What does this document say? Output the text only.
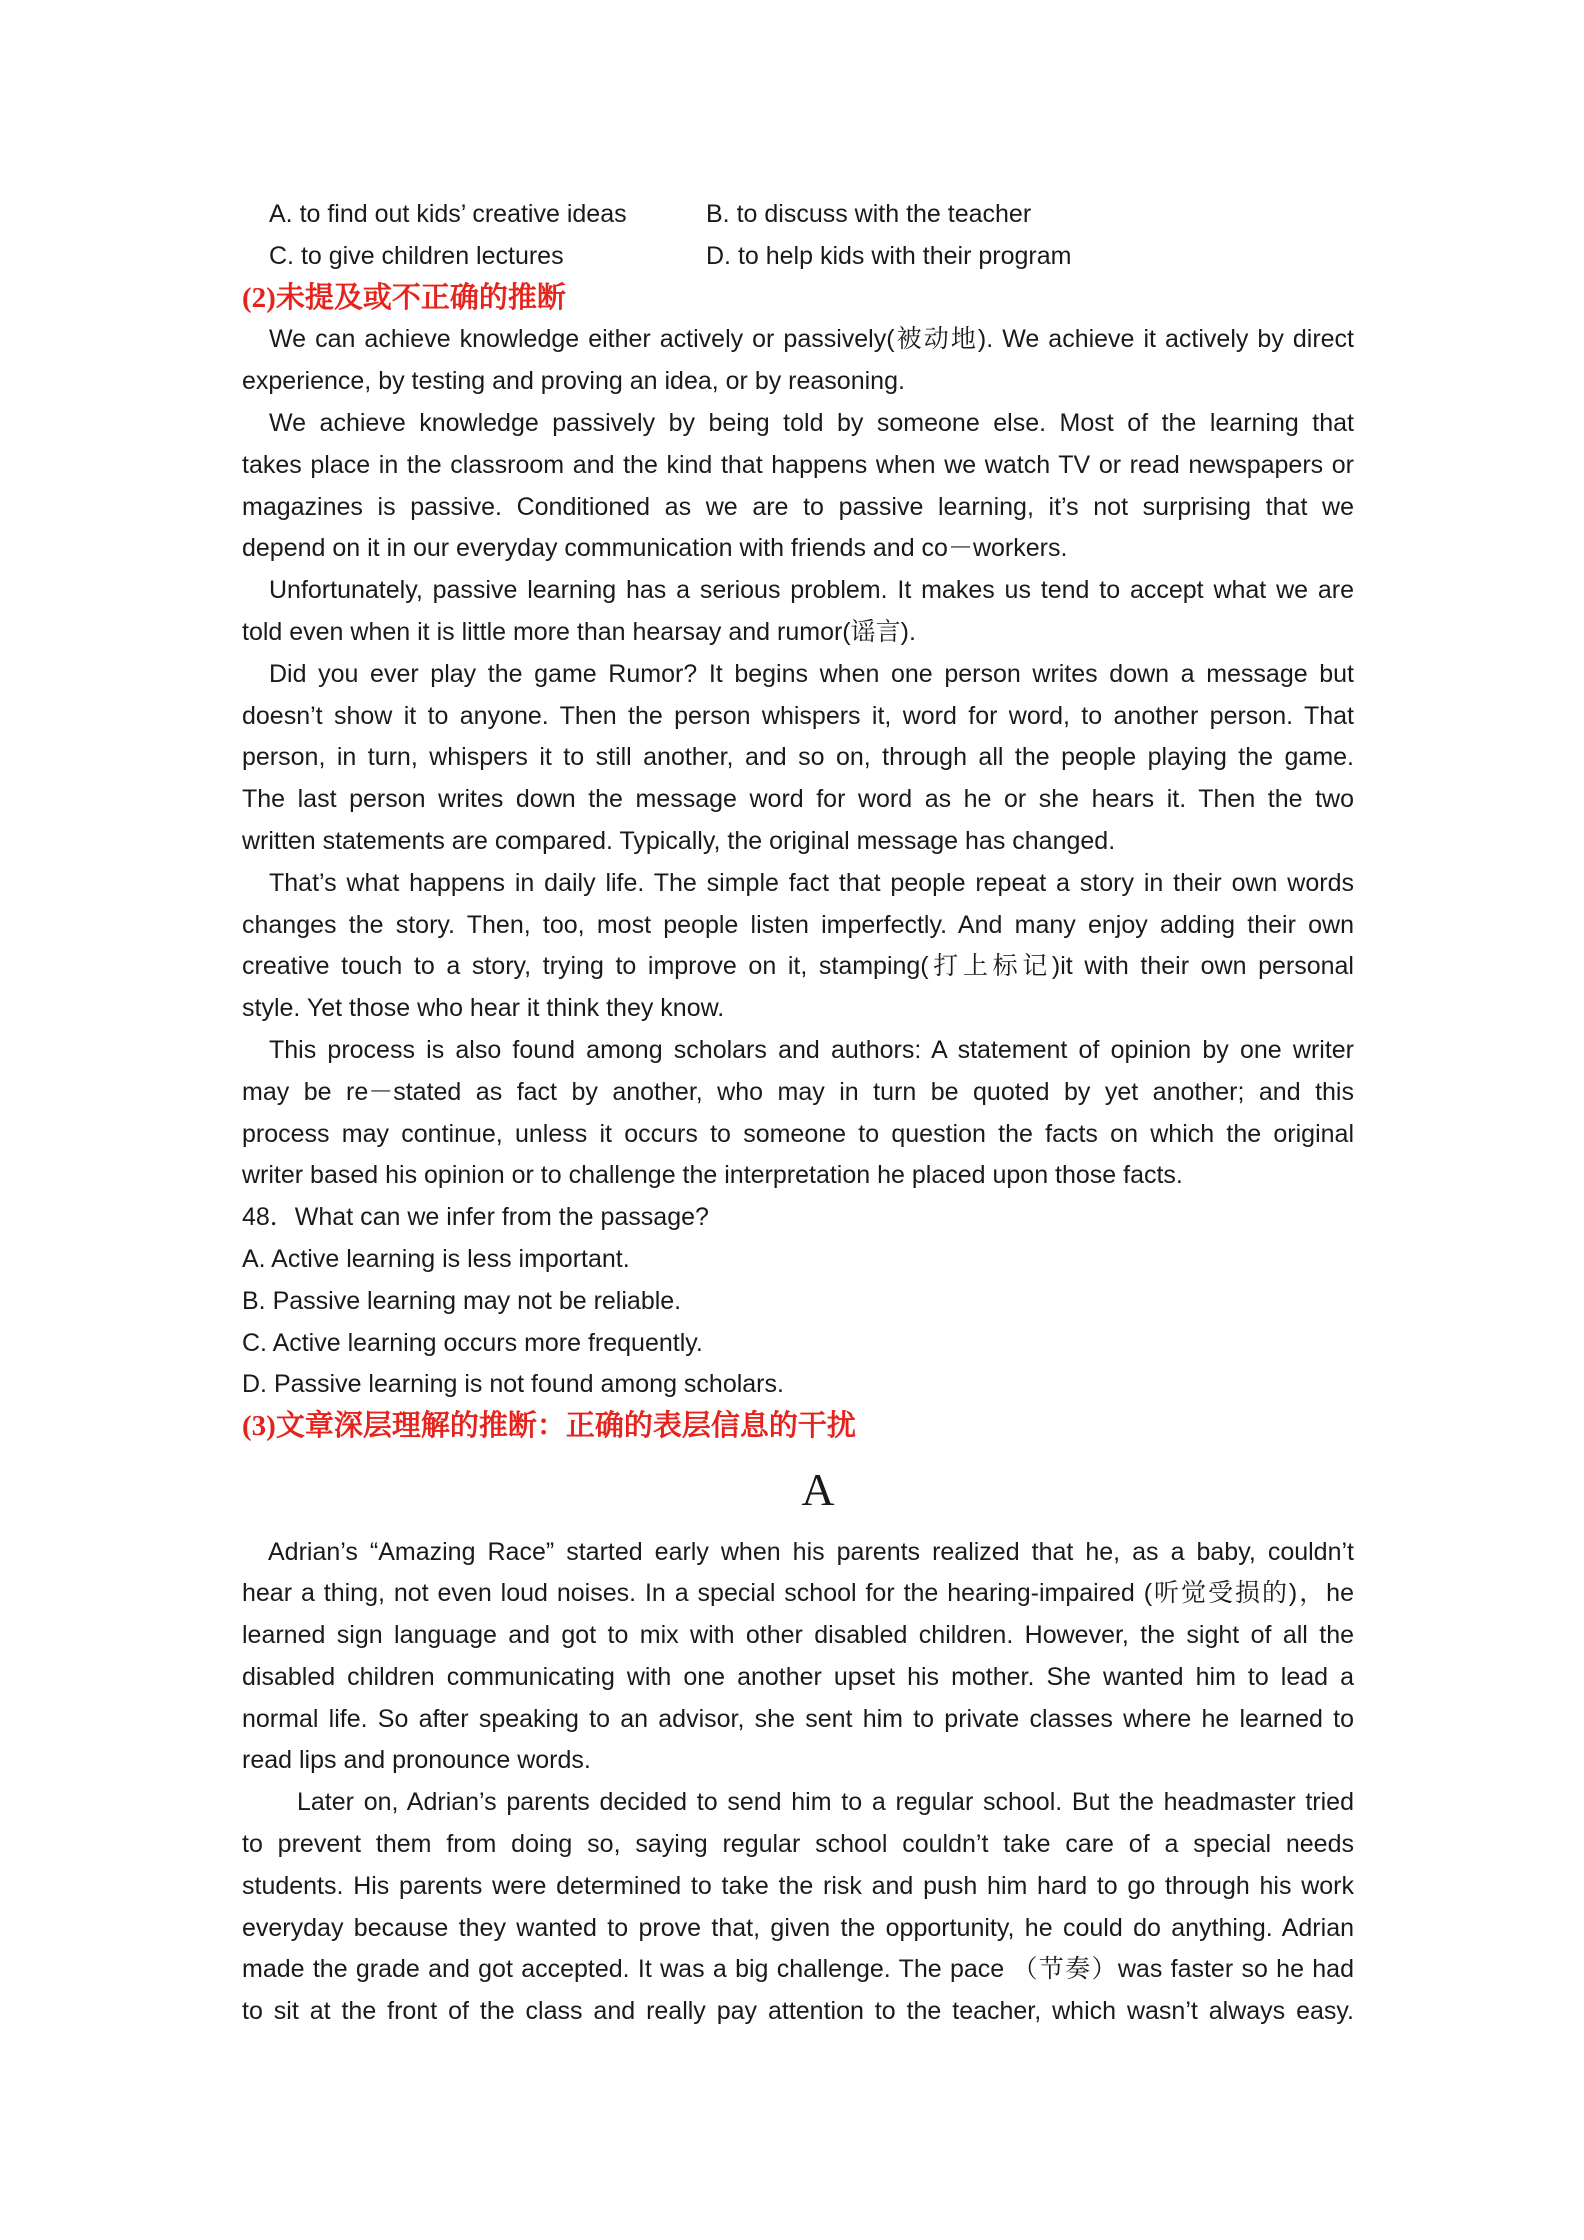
A. to find out kids’ creative ideas	B. to discuss with the teacher
C. to give children lectures	D. to help kids with their program
(2)未提及或不正确的推断
We can achieve knowledge either actively or passively(被动地). We achieve it actively by direct
experience, by testing and proving an idea, or by reasoning.
We achieve knowledge passively by being told by someone else. Most of the learning that
takes place in the classroom and the kind that happens when we watch TV or read newspapers or
magazines is passive. Conditioned as we are to passive learning, it’s not surprising that we
depend on it in our everyday communication with friends and co－workers.
Unfortunately, passive learning has a serious problem. It makes us tend to accept what we are
told even when it is little more than hearsay and rumor(谣言).
Did you ever play the game Rumor? It begins when one person writes down a message but
doesn’t show it to anyone. Then the person whispers it, word for word, to another person. That
person, in turn, whispers it to still another, and so on, through all the people playing the game.
The last person writes down the message word for word as he or she hears it. Then the two
written statements are compared. Typically, the original message has changed.
That’s what happens in daily life. The simple fact that people repeat a story in their own words
changes the story. Then, too, most people listen imperfectly. And many enjoy adding their own
creative touch to a story, trying to improve on it, stamping(打上标记)it with their own personal
style. Yet those who hear it think they know.
This process is also found among scholars and authors: A statement of opinion by one writer
may be re－stated as fact by another, who may in turn be quoted by yet another; and this
process may continue, unless it occurs to someone to question the facts on which the original
writer based his opinion or to challenge the interpretation he placed upon those facts.
48．What can we infer from the passage?
A. Active learning is less important.
B. Passive learning may not be reliable.
C. Active learning occurs more frequently.
D. Passive learning is not found among scholars.
(3)文章深层理解的推断：正确的表层信息的干扰
A
Adrian’s “Amazing Race” started early when his parents realized that he, as a baby, couldn’t
hear a thing, not even loud noises. In a special school for the hearing-impaired (听觉受损的)，he
learned sign language and got to mix with other disabled children. However, the sight of all the
disabled children communicating with one another upset his mother. She wanted him to lead a
normal life. So after speaking to an advisor, she sent him to private classes where he learned to
read lips and pronounce words.
Later on, Adrian’s parents decided to send him to a regular school. But the headmaster tried
to prevent them from doing so, saying regular school couldn’t take care of a special needs
students. His parents were determined to take the risk and push him hard to go through his work
everyday because they wanted to prove that, given the opportunity, he could do anything. Adrian
made the grade and got accepted. It was a big challenge. The pace （节奏）was faster so he had
to sit at the front of the class and really pay attention to the teacher, which wasn’t always easy.
